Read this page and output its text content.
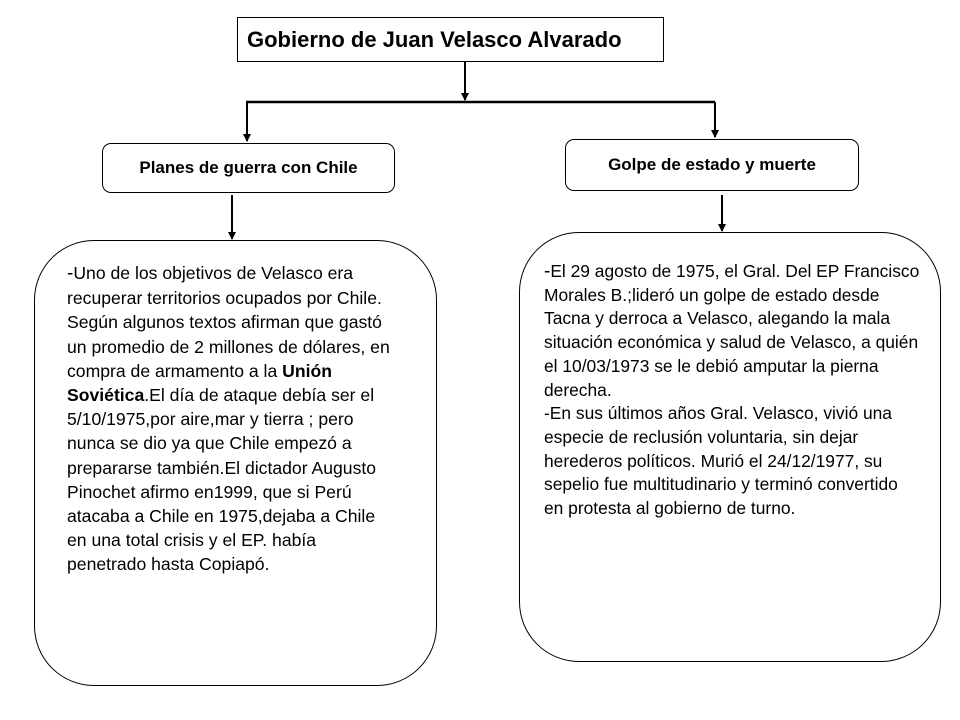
Gobierno de Juan Velasco Alvarado
Planes de guerra con Chile	Golpe de estado y muerte

-Uno de los objetivos de Velasco era recuperar territorios ocupados por Chile. Según algunos textos afirman que gastó un promedio de 2 millones de dólares, en compra de armamento a la Unión Soviética.El día de ataque debía ser el 5/10/1975,por aire,mar y tierra ; pero nunca se dio ya que Chile empezó a prepararse también.El dictador Augusto Pinochet afirmo en1999, que si Perú atacaba a Chile en 1975,dejaba a Chile en una total crisis y el EP. había penetrado hasta Copiapó.

-El 29 agosto de 1975, el Gral. Del EP Francisco Morales B.;lideró un golpe de estado desde Tacna y derroca a Velasco, alegando la mala situación económica y salud de Velasco, a quién el 10/03/1973 se le debió amputar la pierna derecha.

-En sus últimos años Gral. Velasco, vivió una especie de reclusión voluntaria, sin dejar herederos políticos. Murió el 24/12/1977, su sepelio fue multitudinario y terminó convertido en protesta al gobierno de turno.
